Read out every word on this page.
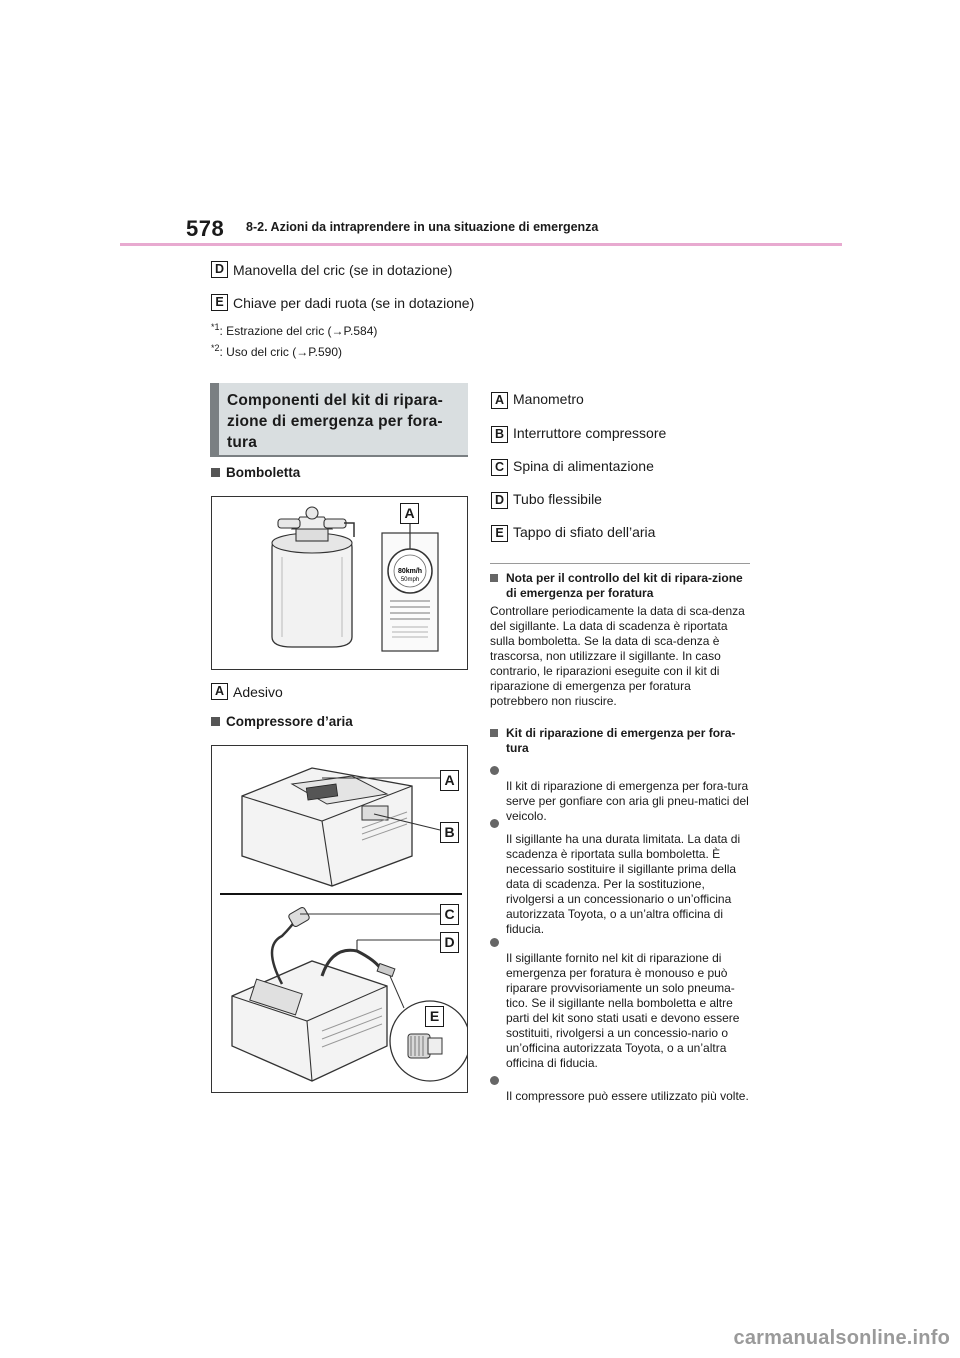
578 8-2. Azioni da intraprendere in una situazione di emergenza
D Manovella del cric (se in dotazione)
E Chiave per dadi ruota (se in dotazione)
$^{*1}$: Estrazione del cric (→P.584)
$^{*2}$: Uso del cric (→P.590)
Componenti del kit di ripara-
zione di emergenza per fora-
tura
Bomboletta
80km/h
50mph
A
A Adesivo
Compressore d’aria
A
B
C
D
E
A Manometro
B Interruttore compressore
C Spina di alimentazione
D Tubo flessibile
E Tappo di sfiato dell’aria
Nota per il controllo del kit di ripara-zione di emergenza per foratura
Controllare periodicamente la data di sca-denza del sigillante. La data di scadenza è riportata sulla bomboletta. Se la data di sca-denza è trascorsa, non utilizzare il sigillante. In caso contrario, le riparazioni eseguite con il kit di riparazione di emergenza per foratura potrebbero non riuscire.
Kit di riparazione di emergenza per fora-tura
Il kit di riparazione di emergenza per fora-tura serve per gonfiare con aria gli pneu-matici del veicolo.
Il sigillante ha una durata limitata. La data di scadenza è riportata sulla bomboletta. È necessario sostituire il sigillante prima della data di scadenza. Per la sostituzione, rivolgersi a un concessionario o un’officina autorizzata Toyota, o a un’altra officina di fiducia.
Il sigillante fornito nel kit di riparazione di emergenza per foratura è monouso e può riparare provvisoriamente un solo pneuma-tico. Se il sigillante nella bomboletta e altre parti del kit sono stati usati e devono essere sostituiti, rivolgersi a un concessio-nario o un’officina autorizzata Toyota, o a un’altra officina di fiducia.
Il compressore può essere utilizzato più volte.
carmanualsonline.info
